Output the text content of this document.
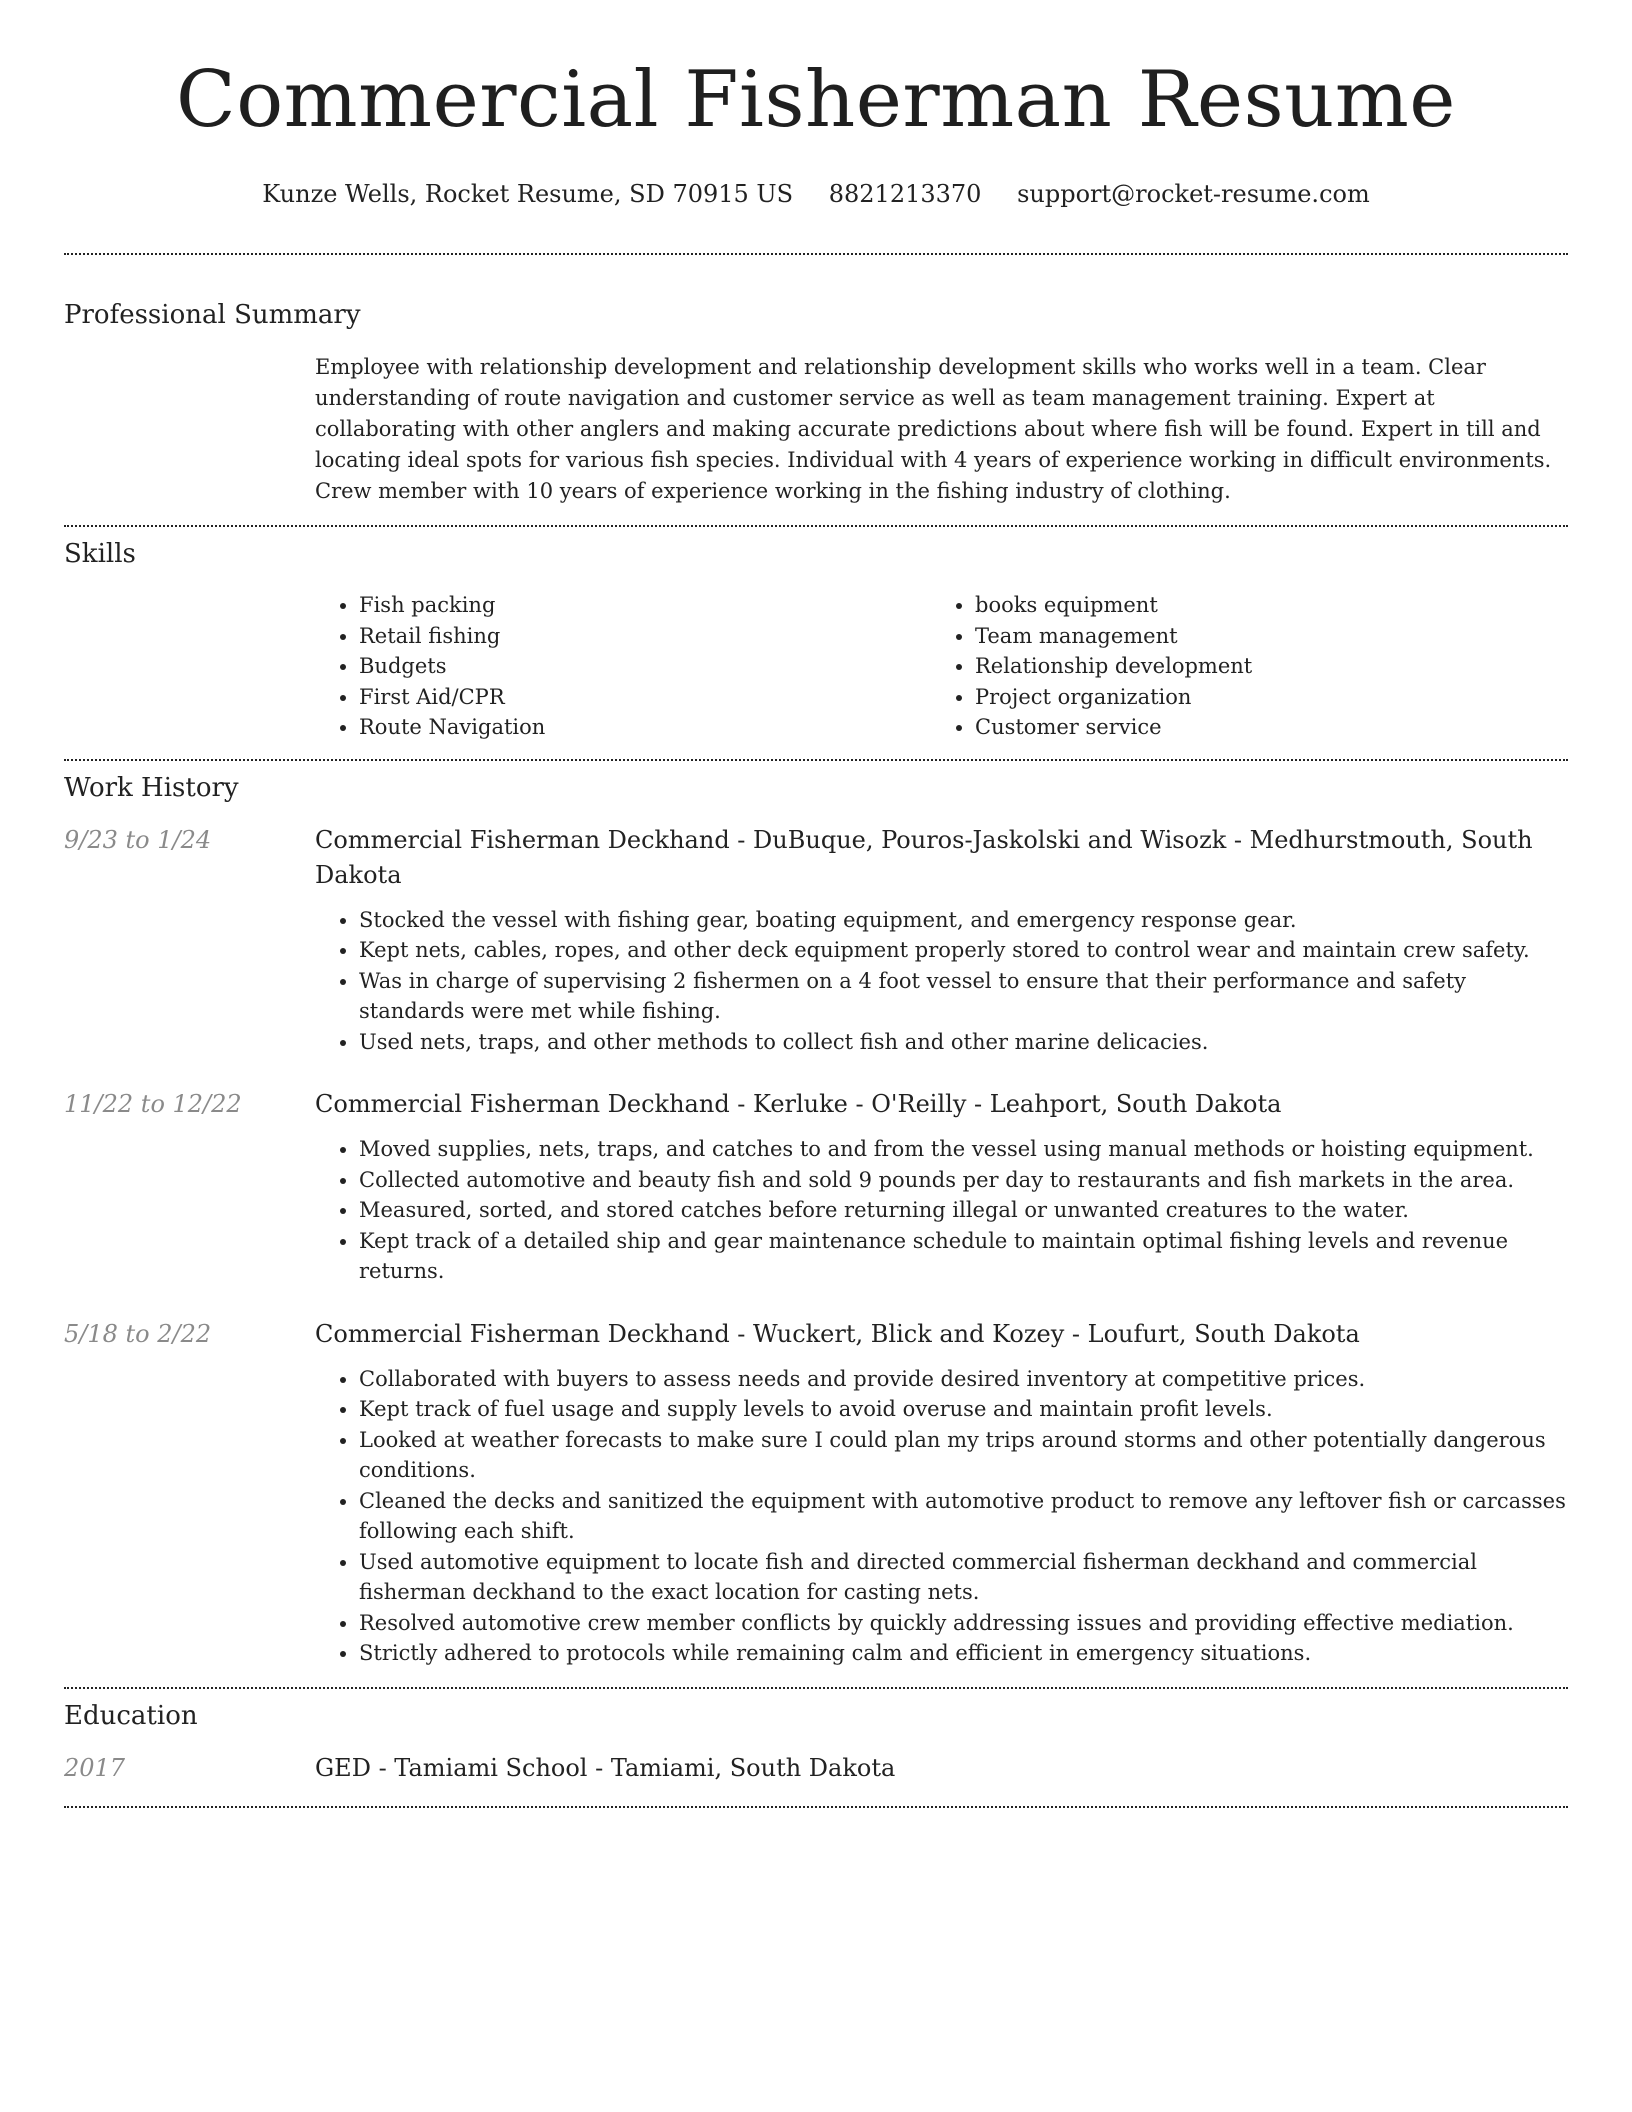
Commercial Fisherman Resume
Kunze Wells, Rocket Resume, SD 70915 US 8821213370 support@rocket-resume.com
Professional Summary

Employee with relationship development and relationship development skills who works well in a team. Clear understanding of route navigation and customer service as well as team management training. Expert at collaborating with other anglers and making accurate predictions about where fish will be found. Expert in till and locating ideal spots for various fish species. Individual with 4 years of experience working in difficult environments. Crew member with 10 years of experience working in the fishing industry of clothing.

Skills
• Fish packing
• Retail fishing
• Budgets
• First Aid/CPR
• Route Navigation
• books equipment
• Team management
• Relationship development
• Project organization
• Customer service
Work History
9/23 to 1/24	Commercial Fisherman Deckhand - DuBuque, Pouros-Jaskolski and Wisozk - Medhurstmouth, South Dakota

• Stocked the vessel with fishing gear, boating equipment, and emergency response gear.
• Kept nets, cables, ropes, and other deck equipment properly stored to control wear and maintain crew safety.
• Was in charge of supervising 2 fishermen on a 4 foot vessel to ensure that their performance and safety standards were met while fishing.
• Used nets, traps, and other methods to collect fish and other marine delicacies.
11/22 to 12/22	Commercial Fisherman Deckhand - Kerluke - O'Reilly - Leahport, South Dakota

• Moved supplies, nets, traps, and catches to and from the vessel using manual methods or hoisting equipment.
• Collected automotive and beauty fish and sold 9 pounds per day to restaurants and fish markets in the area.
• Measured, sorted, and stored catches before returning illegal or unwanted creatures to the water.
• Kept track of a detailed ship and gear maintenance schedule to maintain optimal fishing levels and revenue returns.
5/18 to 2/22	Commercial Fisherman Deckhand - Wuckert, Blick and Kozey - Loufurt, South Dakota

• Collaborated with buyers to assess needs and provide desired inventory at competitive prices.
• Kept track of fuel usage and supply levels to avoid overuse and maintain profit levels.
• Looked at weather forecasts to make sure I could plan my trips around storms and other potentially dangerous conditions.
• Cleaned the decks and sanitized the equipment with automotive product to remove any leftover fish or carcasses following each shift.
• Used automotive equipment to locate fish and directed commercial fisherman deckhand and commercial fisherman deckhand to the exact location for casting nets.
• Resolved automotive crew member conflicts by quickly addressing issues and providing effective mediation.
• Strictly adhered to protocols while remaining calm and efficient in emergency situations.
Education
2017	GED - Tamiami School - Tamiami, South Dakota
